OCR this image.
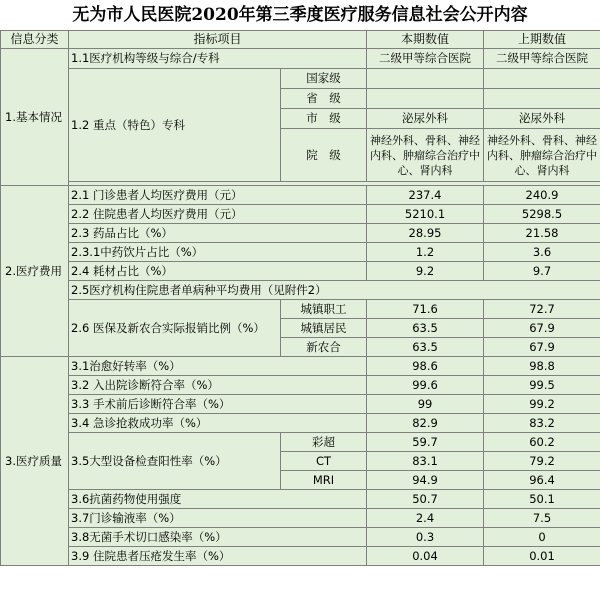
无为市人民医院2020年第三季度医疗服务信息社会公开内容
信息分类	指标项目		本期数值	上期数值
1.基本情况	1.1医疗机构等级与综合/专科		二级甲等综合医院	二级甲等综合医院
	1.2 重点（特色）专科	国家级		
		省　级		
		市　级	泌尿外科	泌尿外科
		院　级	神经外科、骨科、神经内科、肿瘤综合治疗中心、肾内科	神经外科、骨科、神经内科、肿瘤综合治疗中心、肾内科

2.医疗费用	2.1 门诊患者人均医疗费用（元）		237.4	240.9
	2.2 住院患者人均医疗费用（元）		5210.1	5298.5
	2.3 药品占比（%）		28.95	21.58
	2.3.1中药饮片占比（%）		1.2	3.6
	2.4 耗材占比（%）		9.2	9.7
	2.5医疗机构住院患者单病种平均费用（见附件2）			
	2.6 医保及新农合实际报销比例（%）	城镇职工	71.6	72.7
		城镇居民	63.5	67.9
		新农合	63.5	67.9
3.医疗质量	3.1治愈好转率（%）		98.6	98.8
	3.2 入出院诊断符合率（%）		99.6	99.5
	3.3 手术前后诊断符合率（%）		99	99.2
	3.4 急诊抢救成功率（%）		82.9	83.2
	3.5大型设备检查阳性率（%）	彩超	59.7	60.2
		CT	83.1	79.2
		MRI	94.9	96.4
	3.6抗菌药物使用强度		50.7	50.1
	3.7门诊输液率（%）		2.4	7.5
	3.8无菌手术切口感染率（%）		0.3	0
	3.9 住院患者压疮发生率（%）		0.04	0.01
